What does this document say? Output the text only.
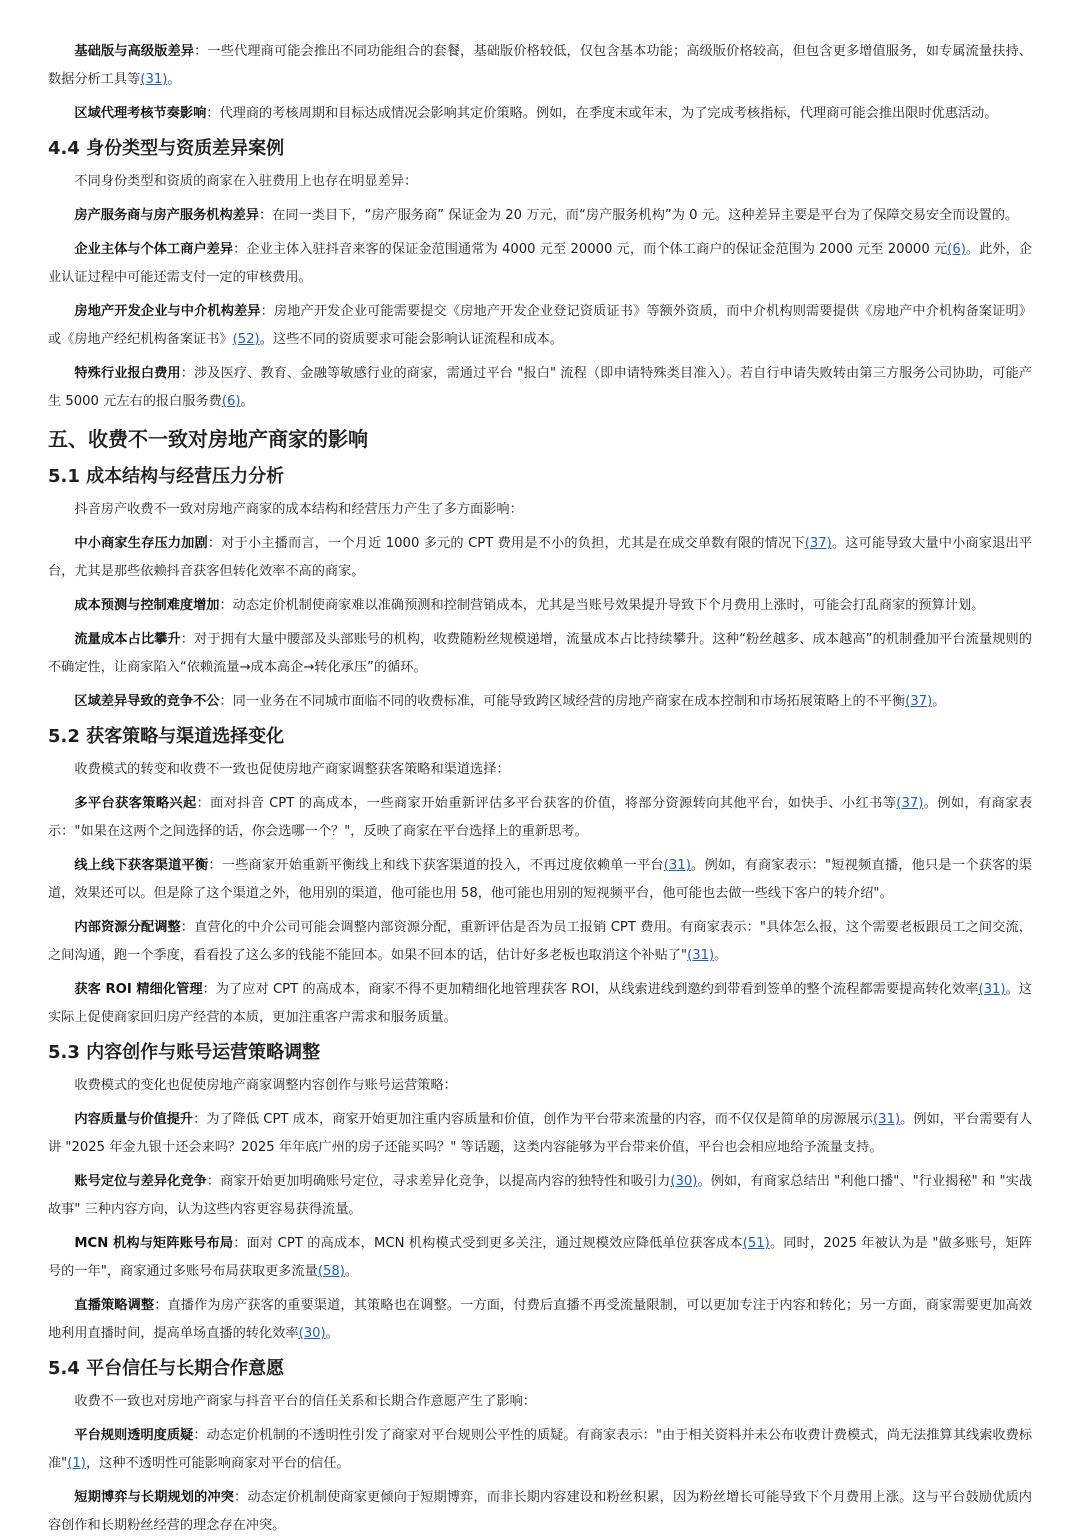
基础版与高级版差异：一些代理商可能会推出不同功能组合的套餐，基础版价格较低，仅包含基本功能；高级版价格较高，但包含更多增值服务，如专属流量扶持、数据分析工具等(31)。

区域代理考核节奏影响：代理商的考核周期和目标达成情况会影响其定价策略。例如，在季度末或年末，为了完成考核指标，代理商可能会推出限时优惠活动。

4.4 身份类型与资质差异案例

不同身份类型和资质的商家在入驻费用上也存在明显差异：

房产服务商与房产服务机构差异：在同一类目下，“房产服务商” 保证金为 20 万元，而“房产服务机构”为 0 元。这种差异主要是平台为了保障交易安全而设置的。

企业主体与个体工商户差异：企业主体入驻抖音来客的保证金范围通常为 4000 元至 20000 元，而个体工商户的保证金范围为 2000 元至 20000 元(6)。此外，企业认证过程中可能还需支付一定的审核费用。

房地产开发企业与中介机构差异：房地产开发企业可能需要提交《房地产开发企业登记资质证书》等额外资质，而中介机构则需要提供《房地产中介机构备案证明》或《房地产经纪机构备案证书》(52)。这些不同的资质要求可能会影响认证流程和成本。

特殊行业报白费用：涉及医疗、教育、金融等敏感行业的商家，需通过平台 "报白" 流程（即申请特殊类目准入）。若自行申请失败转由第三方服务公司协助，可能产生 5000 元左右的报白服务费(6)。

五、收费不一致对房地产商家的影响
5.1 成本结构与经营压力分析

抖音房产收费不一致对房地产商家的成本结构和经营压力产生了多方面影响：

中小商家生存压力加剧：对于小主播而言，一个月近 1000 多元的 CPT 费用是不小的负担，尤其是在成交单数有限的情况下(37)。这可能导致大量中小商家退出平台，尤其是那些依赖抖音获客但转化效率不高的商家。

成本预测与控制难度增加：动态定价机制使商家难以准确预测和控制营销成本，尤其是当账号效果提升导致下个月费用上涨时，可能会打乱商家的预算计划。

流量成本占比攀升：对于拥有大量中腰部及头部账号的机构，收费随粉丝规模递增，流量成本占比持续攀升。这种“粉丝越多、成本越高”的机制叠加平台流量规则的不确定性，让商家陷入“依赖流量→成本高企→转化承压”的循环。

区域差异导致的竞争不公：同一业务在不同城市面临不同的收费标准，可能导致跨区域经营的房地产商家在成本控制和市场拓展策略上的不平衡(37)。

5.2 获客策略与渠道选择变化

收费模式的转变和收费不一致也促使房地产商家调整获客策略和渠道选择：

多平台获客策略兴起：面对抖音 CPT 的高成本，一些商家开始重新评估多平台获客的价值，将部分资源转向其他平台，如快手、小红书等(37)。例如，有商家表示："如果在这两个之间选择的话，你会选哪一个？"，反映了商家在平台选择上的重新思考。

线上线下获客渠道平衡：一些商家开始重新平衡线上和线下获客渠道的投入，不再过度依赖单一平台(31)。例如，有商家表示："短视频直播，他只是一个获客的渠道，效果还可以。但是除了这个渠道之外，他用别的渠道，他可能也用 58，他可能也用别的短视频平台，他可能也去做一些线下客户的转介绍"。

内部资源分配调整：直营化的中介公司可能会调整内部资源分配，重新评估是否为员工报销 CPT 费用。有商家表示："具体怎么报，这个需要老板跟员工之间交流，之间沟通，跑一个季度，看看投了这么多的钱能不能回本。如果不回本的话，估计好多老板也取消这个补贴了"(31)。

获客 ROI 精细化管理：为了应对 CPT 的高成本，商家不得不更加精细化地管理获客 ROI，从线索进线到邀约到带看到签单的整个流程都需要提高转化效率(31)。这实际上促使商家回归房产经营的本质，更加注重客户需求和服务质量。

5.3 内容创作与账号运营策略调整

收费模式的变化也促使房地产商家调整内容创作与账号运营策略：

内容质量与价值提升：为了降低 CPT 成本，商家开始更加注重内容质量和价值，创作为平台带来流量的内容，而不仅仅是简单的房源展示(31)。例如，平台需要有人讲 "2025 年金九银十还会来吗？2025 年年底广州的房子还能买吗？" 等话题，这类内容能够为平台带来价值，平台也会相应地给予流量支持。

账号定位与差异化竞争：商家开始更加明确账号定位，寻求差异化竞争，以提高内容的独特性和吸引力(30)。例如，有商家总结出 "利他口播"、"行业揭秘" 和 "实战故事" 三种内容方向，认为这些内容更容易获得流量。

MCN 机构与矩阵账号布局：面对 CPT 的高成本，MCN 机构模式受到更多关注，通过规模效应降低单位获客成本(51)。同时，2025 年被认为是 "做多账号，矩阵号的一年"，商家通过多账号布局获取更多流量(58)。

直播策略调整：直播作为房产获客的重要渠道，其策略也在调整。一方面，付费后直播不再受流量限制，可以更加专注于内容和转化；另一方面，商家需要更加高效地利用直播时间，提高单场直播的转化效率(30)。

5.4 平台信任与长期合作意愿

收费不一致也对房地产商家与抖音平台的信任关系和长期合作意愿产生了影响：

平台规则透明度质疑：动态定价机制的不透明性引发了商家对平台规则公平性的质疑。有商家表示："由于相关资料并未公布收费计费模式，尚无法推算其线索收费标准"(1)，这种不透明性可能影响商家对平台的信任。

短期博弈与长期规划的冲突：动态定价机制使商家更倾向于短期博弈，而非长期内容建设和粉丝积累，因为粉丝增长可能导致下个月费用上涨。这与平台鼓励优质内容创作和长期粉丝经营的理念存在冲突。
